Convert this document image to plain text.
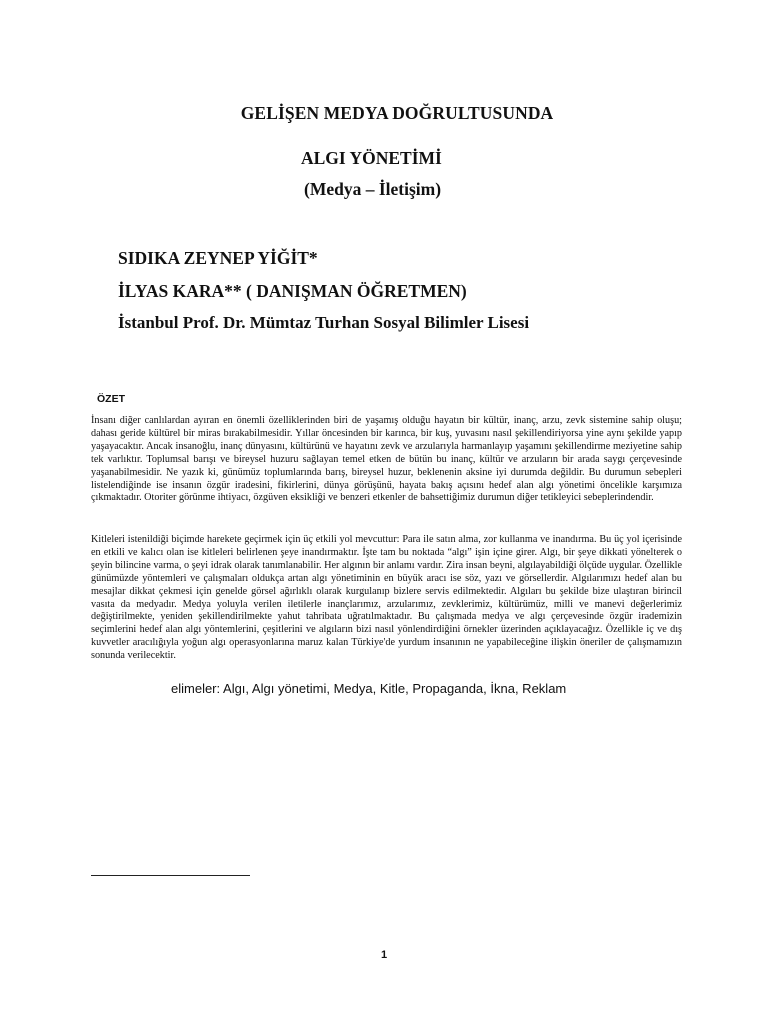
GELİŞEN MEDYA DOĞRULTUSUNDA
ALGI YÖNETİMİ
(Medya – İletişim)
SIDIKA ZEYNEP YİĞİT*
İLYAS KARA** ( DANIŞMAN ÖĞRETMEN)
İstanbul Prof. Dr. Mümtaz Turhan Sosyal Bilimler Lisesi
ÖZET

İnsanı diğer canlılardan ayıran en önemli özelliklerinden biri de yaşamış olduğu hayatın bir kültür, inanç, arzu, zevk sistemine sahip oluşu; dahası geride kültürel bir miras bırakabilmesidir. Yıllar öncesinden bir karınca, bir kuş, yuvasını nasıl şekillendiriyorsa yine aynı şekilde yapıp yaşayacaktır. Ancak insanoğlu, inanç dünyasını, kültürünü ve hayatını zevk ve arzularıyla harmanlayıp yaşamını şekillendirme meziyetine sahip tek varlıktır. Toplumsal barışı ve bireysel huzuru sağlayan temel etken de bütün bu inanç, kültür ve arzuların bir arada saygı çerçevesinde yaşanabilmesidir. Ne yazık ki, günümüz toplumlarında barış, bireysel huzur, beklenenin aksine iyi durumda değildir. Bu durumun sebepleri listelendiğinde ise insanın özgür iradesini, fikirlerini, dünya görüşünü, hayata bakış açısını hedef alan algı yönetimi öncelikle karşımıza çıkmaktadır. Otoriter görünme ihtiyacı, özgüven eksikliği ve benzeri etkenler de bahsettiğimiz durumun diğer tetikleyici sebeplerindendir.

Kitleleri istenildiği biçimde harekete geçirmek için üç etkili yol mevcuttur: Para ile satın alma, zor kullanma ve inandırma. Bu üç yol içerisinde en etkili ve kalıcı olan ise kitleleri belirlenen şeye inandırmaktır. İşte tam bu noktada “algı” işin içine girer. Algı, bir şeye dikkati yönelterek o şeyin bilincine varma, o şeyi idrak olarak tanımlanabilir. Her algının bir anlamı vardır. Zira insan beyni, algılayabildiği ölçüde uygular. Özellikle günümüzde yöntemleri ve çalışmaları oldukça artan algı yönetiminin en büyük aracı ise söz, yazı ve görsellerdir. Algılarımızı hedef alan bu mesajlar dikkat çekmesi için genelde görsel ağırlıklı olarak kurgulanıp bizlere servis edilmektedir. Algıları bu şekilde bize ulaştıran birincil vasıta da medyadır. Medya yoluyla verilen iletilerle inançlarımız, arzularımız, zevklerimiz, kültürümüz, milli ve manevi değerlerimiz değiştirilmekte, yeniden şekillendirilmekte yahut tahribata uğratılmaktadır. Bu çalışmada medya ve algı çerçevesinde özgür irademizin seçimlerini hedef alan algı yöntemlerini, çeşitlerini ve algıların bizi nasıl yönlendirdiğini örnekler üzerinden açıklayacağız. Özellikle iç ve dış kuvvetler aracılığıyla yoğun algı operasyonlarına maruz kalan Türkiye'de yurdum insanının ne yapabileceğine ilişkin öneriler de çalışmamızın sonunda verilecektir.

elimeler: Algı, Algı yönetimi, Medya, Kitle, Propaganda, İkna, Reklam
1
